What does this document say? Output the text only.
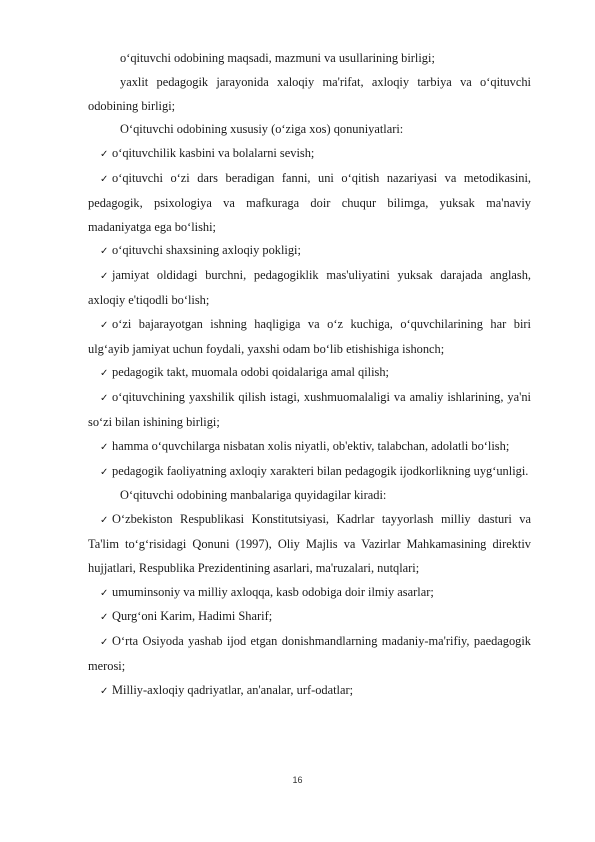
o‘qituvchi odobining maqsadi, mazmuni va usullarining birligi;

yaxlit pedagogik jarayonida xaloqiy ma'rifat, axloqiy tarbiya va o‘qituvchi odobining birligi;

O‘qituvchi odobining xususiy (o‘ziga xos) qonuniyatlari:

✓ o‘qituvchilik kasbini va bolalarni sevish;

✓ o‘qituvchi o‘zi dars beradigan fanni, uni o‘qitish nazariyasi va metodikasini, pedagogik, psixologiya va mafkuraga doir chuqur bilimga, yuksak ma'naviy madaniyatga ega bo‘lishi;

✓ o‘qituvchi shaxsining axloqiy pokligi;

✓ jamiyat oldidagi burchni, pedagogiklik mas'uliyatini yuksak darajada anglash, axloqiy e'tiqodli bo‘lish;

✓ o‘zi bajarayotgan ishning haqligiga va o‘z kuchiga, o‘quvchilarining har biri ulg‘ayib jamiyat uchun foydali, yaxshi odam bo‘lib etishishiga ishonch;

✓ pedagogik takt, muomala odobi qoidalariga amal qilish;

✓ o‘qituvchining yaxshilik qilish istagi, xushmuomalaligi va amaliy ishlarining, ya'ni so‘zi bilan ishining birligi;

✓ hamma o‘quvchilarga nisbatan xolis niyatli, ob'ektiv, talabchan, adolatli bo‘lish;

✓ pedagogik faoliyatning axloqiy xarakteri bilan pedagogik ijodkorlikning uyg‘unligi.

O‘qituvchi odobining manbalariga quyidagilar kiradi:

✓ O‘zbekiston Respublikasi Konstitutsiyasi, Kadrlar tayyorlash milliy dasturi va Ta'lim to‘g‘risidagi Qonuni (1997), Oliy Majlis va Vazirlar Mahkamasining direktiv hujjatlari, Respublika Prezidentining asarlari, ma'ruzalari, nutqlari;

✓ umuminsoniy va milliy axloqqa, kasb odobiga doir ilmiy asarlar;

✓ Qurg‘oni Karim, Hadimi Sharif;

✓ O‘rta Osiyoda yashab ijod etgan donishmandlarning madaniy-ma'rifiy, paedagogik merosi;

✓ Milliy-axloqiy qadriyatlar, an'analar, urf-odatlar;

16
